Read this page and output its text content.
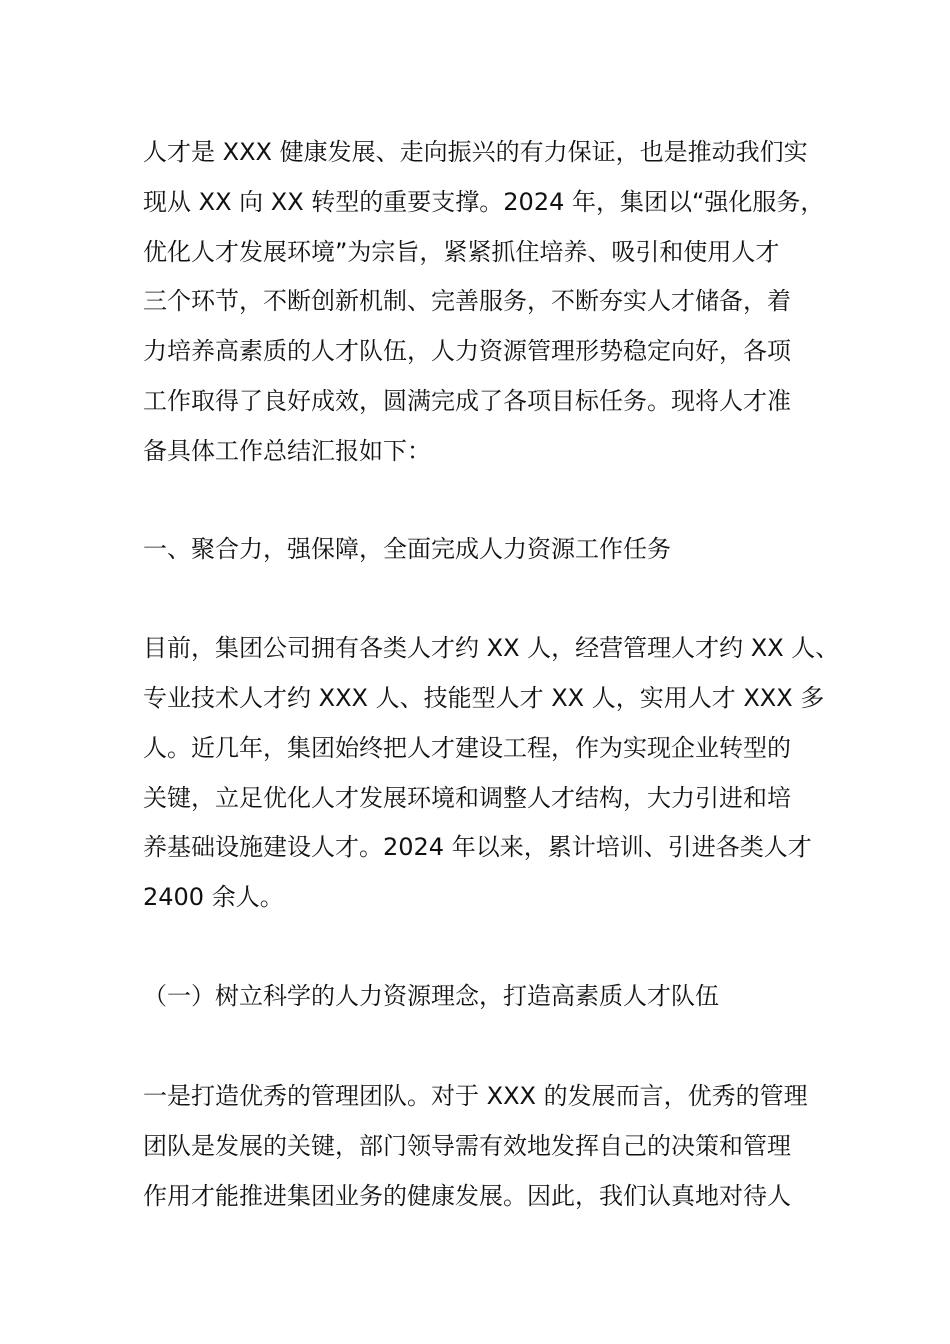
人才是 XXX 健康发展、走向振兴的有力保证，也是推动我们实
现从 XX 向 XX 转型的重要支撑。2024 年，集团以“强化服务，
优化人才发展环境”为宗旨，紧紧抓住培养、吸引和使用人才
三个环节，不断创新机制、完善服务，不断夯实人才储备，着
力培养高素质的人才队伍，人力资源管理形势稳定向好，各项
工作取得了良好成效，圆满完成了各项目标任务。现将人才准
备具体工作总结汇报如下：
一、聚合力，强保障，全面完成人力资源工作任务
目前，集团公司拥有各类人才约 XX 人，经营管理人才约 XX 人、
专业技术人才约 XXX 人、技能型人才 XX 人，实用人才 XXX 多
人。近几年，集团始终把人才建设工程，作为实现企业转型的
关键，立足优化人才发展环境和调整人才结构，大力引进和培
养基础设施建设人才。2024 年以来，累计培训、引进各类人才
2400 余人。
（一）树立科学的人力资源理念，打造高素质人才队伍
一是打造优秀的管理团队。对于 XXX 的发展而言，优秀的管理
团队是发展的关键，部门领导需有效地发挥自己的决策和管理
作用才能推进集团业务的健康发展。因此，我们认真地对待人
